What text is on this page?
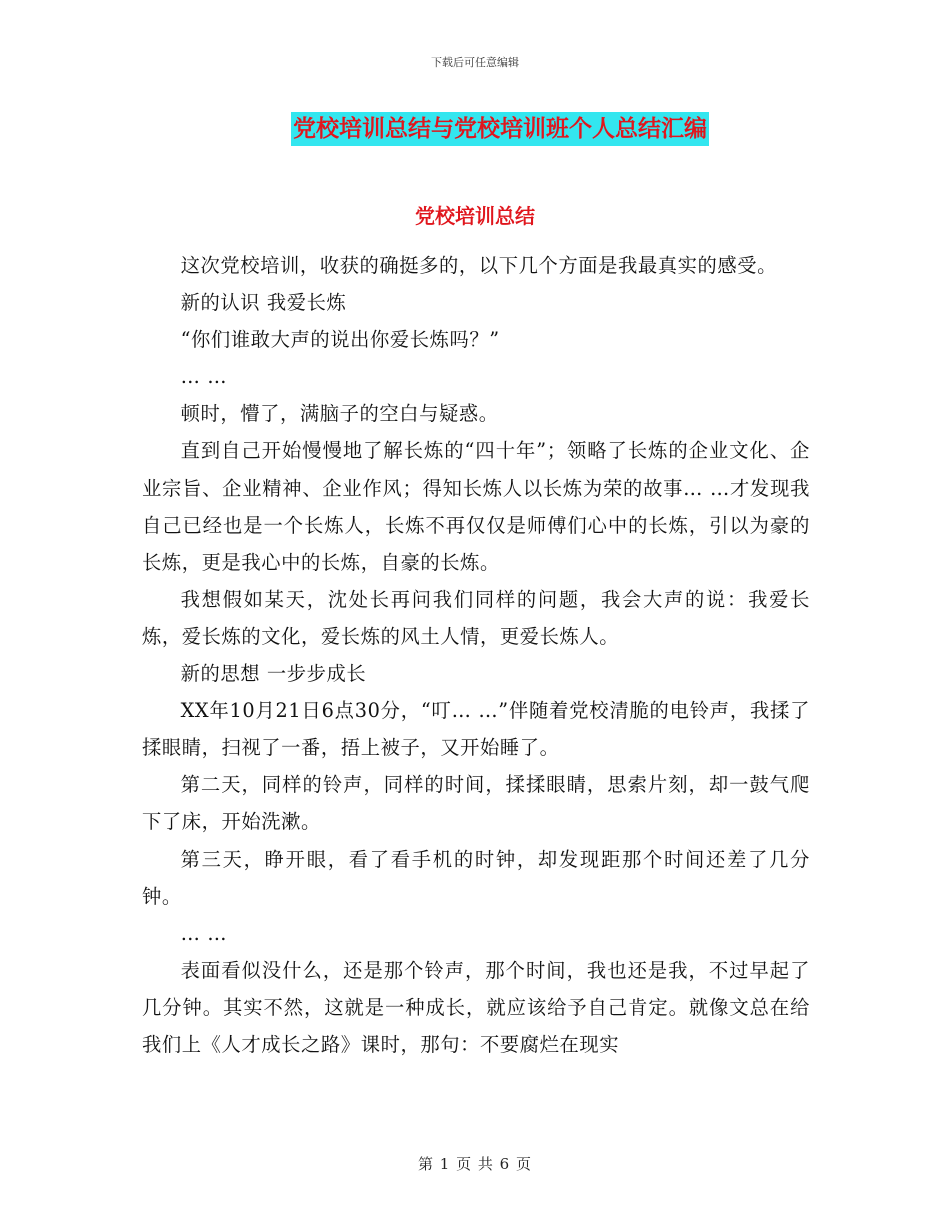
下载后可任意编辑
党校培训总结与党校培训班个人总结汇编
党校培训总结

这次党校培训，收获的确挺多的，以下几个方面是我最真实的感受。

新的认识 我爱长炼

“你们谁敢大声的说出你爱长炼吗？”

… …

顿时，懵了，满脑子的空白与疑惑。

直到自己开始慢慢地了解长炼的“四十年”；领略了长炼的企业文化、企业宗旨、企业精神、企业作风；得知长炼人以长炼为荣的故事… …才发现我自己已经也是一个长炼人，长炼不再仅仅是师傅们心中的长炼，引以为豪的长炼，更是我心中的长炼，自豪的长炼。

我想假如某天，沈处长再问我们同样的问题，我会大声的说：我爱长炼，爱长炼的文化，爱长炼的风土人情，更爱长炼人。

新的思想 一步步成长

XX年10月21日6点30分，“叮… …”伴随着党校清脆的电铃声，我揉了揉眼睛，扫视了一番，捂上被子，又开始睡了。

第二天，同样的铃声，同样的时间，揉揉眼睛，思索片刻，却一鼓气爬下了床，开始洗漱。

第三天，睁开眼，看了看手机的时钟，却发现距那个时间还差了几分钟。

… …

表面看似没什么，还是那个铃声，那个时间，我也还是我，不过早起了几分钟。其实不然，这就是一种成长，就应该给予自己肯定。就像文总在给我们上《人才成长之路》课时，那句：不要腐烂在现实

第 1 页 共 6 页
